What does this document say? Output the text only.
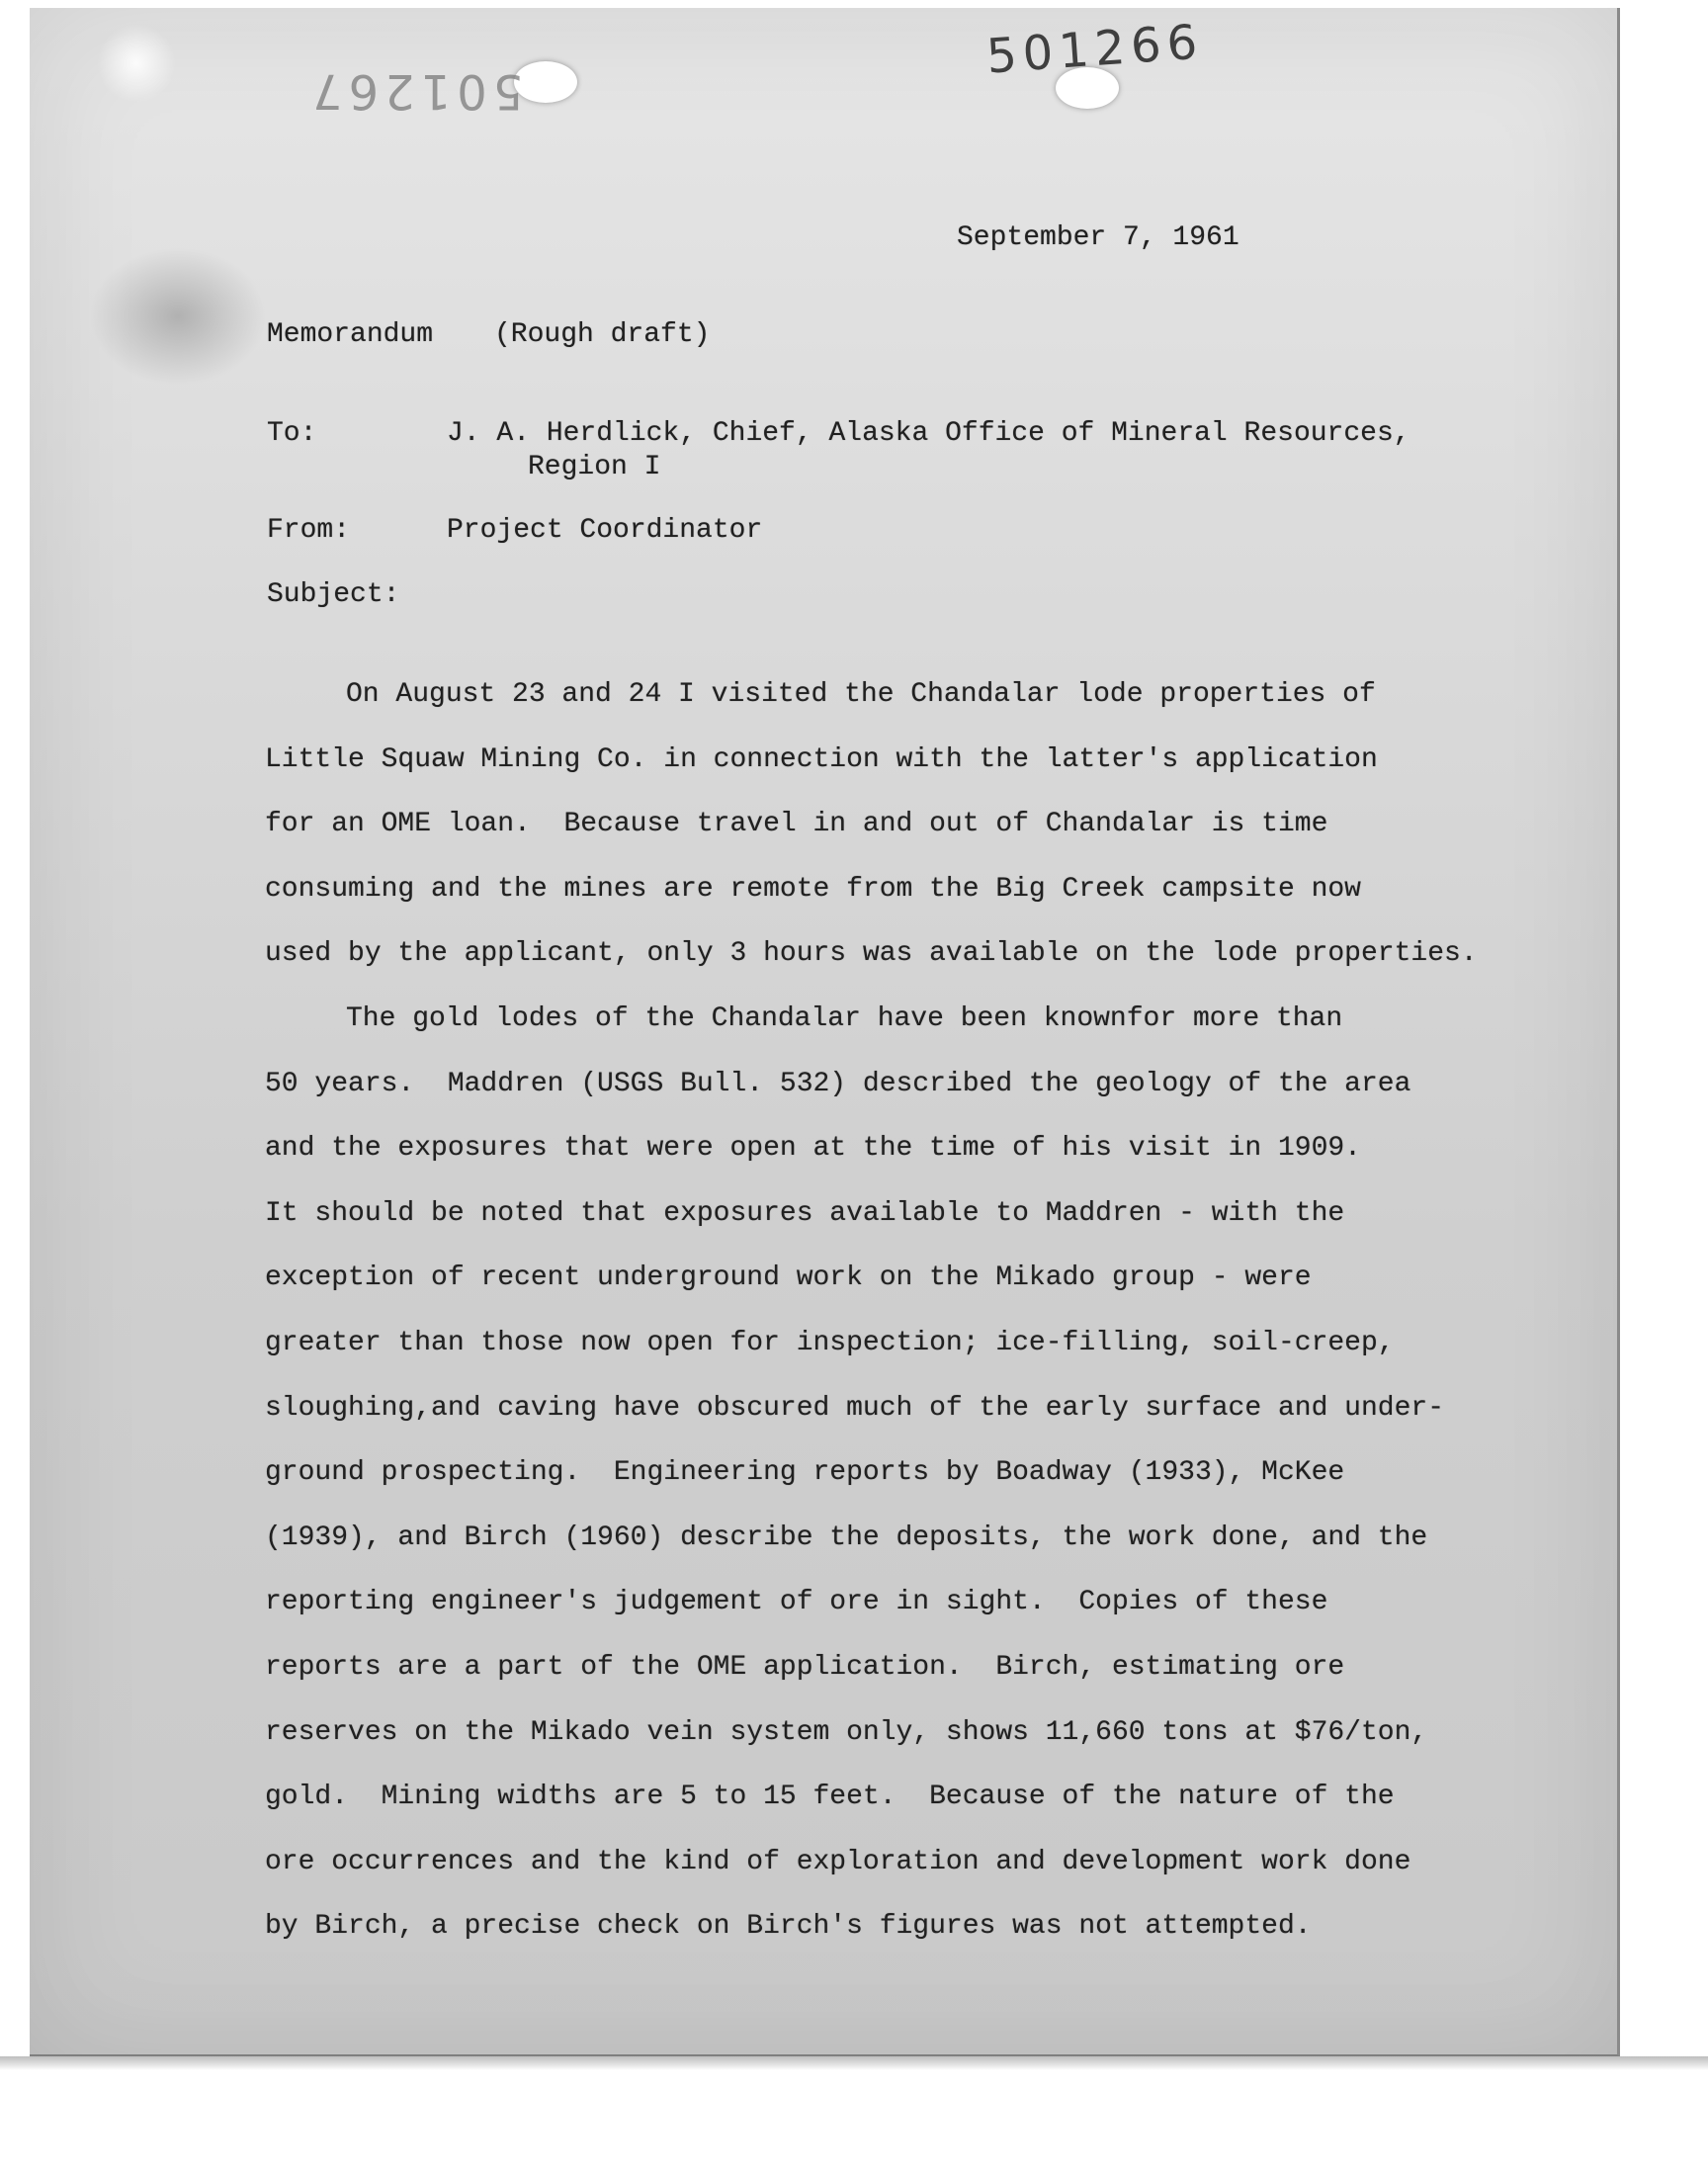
501267
501266
September 7, 1961
Memorandum (Rough draft)
To:	J. A. Herdlick, Chief, Alaska Office of Mineral Resources,
Region I
From:	Project Coordinator
Subject:
On August 23 and 24 I visited the Chandalar lode properties of
Little Squaw Mining Co. in connection with the latter's application
for an OME loan.  Because travel in and out of Chandalar is time
consuming and the mines are remote from the Big Creek campsite now
used by the applicant, only 3 hours was available on the lode properties.
The gold lodes of the Chandalar have been knownfor more than
50 years.  Maddren (USGS Bull. 532) described the geology of the area
and the exposures that were open at the time of his visit in 1909.
It should be noted that exposures available to Maddren - with the
exception of recent underground work on the Mikado group - were
greater than those now open for inspection; ice-filling, soil-creep,
sloughing,and caving have obscured much of the early surface and under-
ground prospecting.  Engineering reports by Boadway (1933), McKee
(1939), and Birch (1960) describe the deposits, the work done, and the
reporting engineer's judgement of ore in sight.  Copies of these
reports are a part of the OME application.  Birch, estimating ore
reserves on the Mikado vein system only, shows 11,660 tons at $76/ton,
gold.  Mining widths are 5 to 15 feet.  Because of the nature of the
ore occurrences and the kind of exploration and development work done
by Birch, a precise check on Birch's figures was not attempted.
